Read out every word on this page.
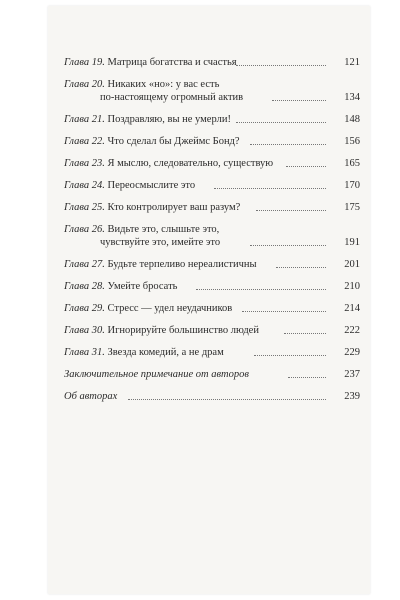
Глава 19. Матрица богатства и счастья	121
Глава 20. Никаких «но»: у вас есть
по-настоящему огромный актив	134
Глава 21. Поздравляю, вы не умерли!	148
Глава 22. Что сделал бы Джеймс Бонд?	156
Глава 23. Я мыслю, следовательно, существую	165
Глава 24. Переосмыслите это	170
Глава 25. Кто контролирует ваш разум?	175
Глава 26. Видьте это, слышьте это,
чувствуйте это, имейте это	191
Глава 27. Будьте терпеливо нереалистичны	201
Глава 28. Умейте бросать	210
Глава 29. Стресс — удел неудачников	214
Глава 30. Игнорируйте большинство людей	222
Глава 31. Звезда комедий, а не драм	229
Заключительное примечание от авторов	237
Об авторах	239
